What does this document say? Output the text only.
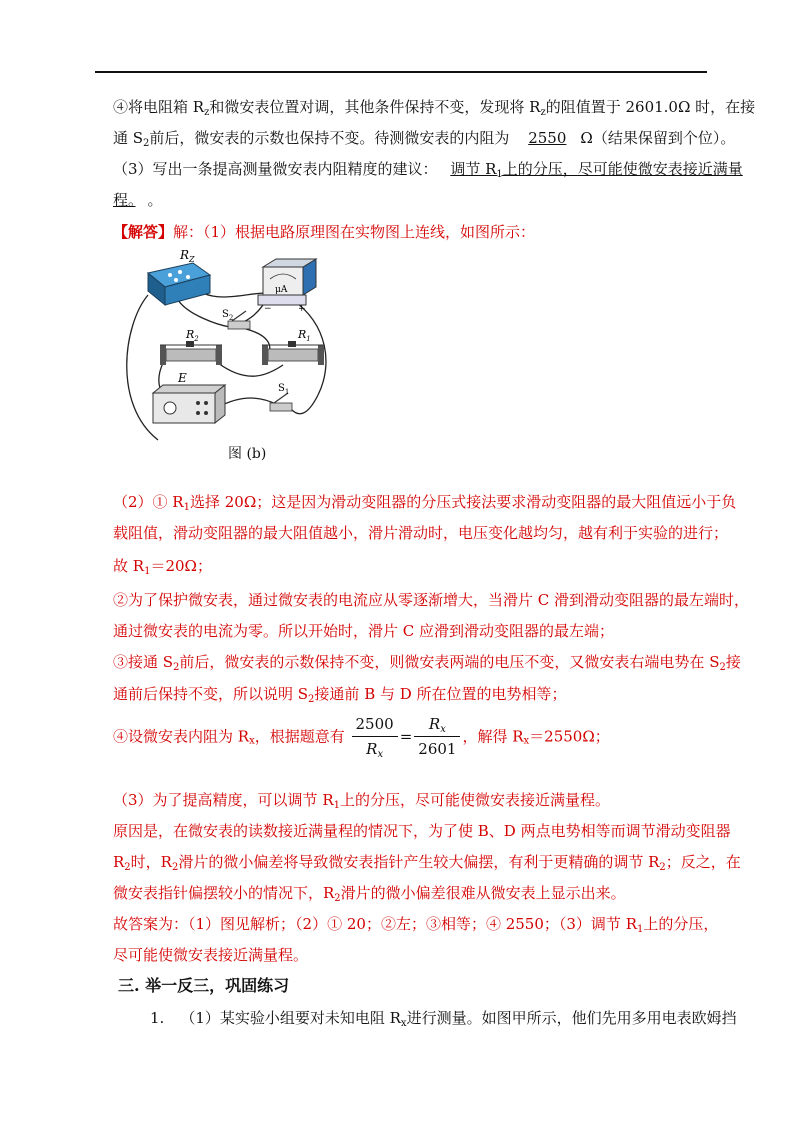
④将电阻箱 $R_z$和微安表位置对调，其他条件保持不变，发现将 $R_z$的阻值置于 2601.0Ω 时，在接
通 $S_2$前后，微安表的示数也保持不变。待测微安表的内阻为 2550 Ω（结果保留到个位）。
（3）写出一条提高测量微安表内阻精度的建议： 调节 $R_1$上的分压，尽可能使微安表接近满量
程。 。
【解答】解：（1）根据电路原理图在实物图上连线，如图所示：
$R_Z$
μA
−	+
$S_2$
$R_2$	$R_1$
E
$S_1$
图 (b)
（2）① $R_1$选择 20Ω；这是因为滑动变阻器的分压式接法要求滑动变阻器的最大阻值远小于负
载阻值，滑动变阻器的最大阻值越小，滑片滑动时，电压变化越均匀，越有利于实验的进行；
故 $R_1=20\Omega$；
②为了保护微安表，通过微安表的电流应从零逐渐增大，当滑片 C 滑到滑动变阻器的最左端时，
通过微安表的电流为零。所以开始时，滑片 C 应滑到滑动变阻器的最左端；
③接通 $S_2$前后，微安表的示数保持不变，则微安表两端的电压不变，又微安表右端电势在 $S_2$接
通前后保持不变，所以说明 $S_2$接通前 B 与 D 所在位置的电势相等；
④设微安表内阻为 $R_x$，根据题意有 $\frac{2500}{R_x} = \frac{R_x}{2601}$ ，解得 $R_x=2550\Omega$；
（3）为了提高精度，可以调节 $R_1$上的分压，尽可能使微安表接近满量程。
原因是，在微安表的读数接近满量程的情况下，为了使 B、D 两点电势相等而调节滑动变阻器
$R_2$时，$R_2$滑片的微小偏差将导致微安表指针产生较大偏摆，有利于更精确的调节 $R_2$；反之，在
微安表指针偏摆较小的情况下，$R_2$滑片的微小偏差很难从微安表上显示出来。
故答案为：（1）图见解析；（2）① 20；②左；③相等；④ 2550；（3）调节 $R_1$上的分压，
尽可能使微安表接近满量程。
三. 举一反三，巩固练习
1. （1）某实验小组要对未知电阻 $R_x$进行测量。如图甲所示，他们先用多用电表欧姆挡
